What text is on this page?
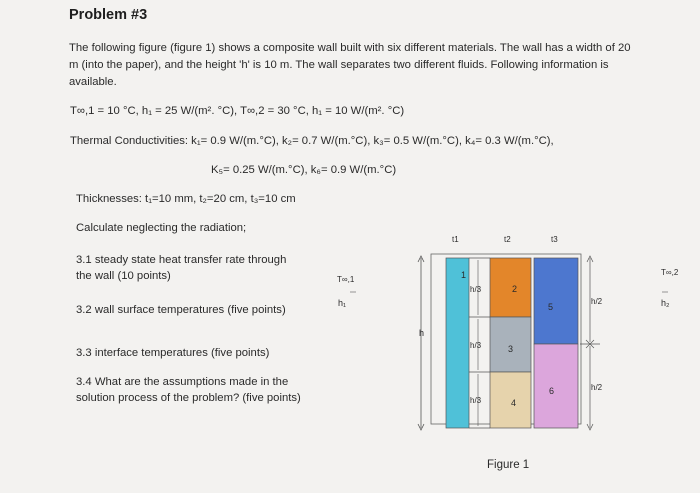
Problem #3
The following figure (figure 1) shows a composite wall built with six different materials. The wall has a width of 20 m (into the paper), and the height 'h' is 10 m. The wall separates two different fluids. Following information is available.
T∞,1 = 10 °C, h₁ = 25 W/(m². °C), T∞,2 = 30 °C, h₁ = 10 W/(m². °C)
Thermal Conductivities: k₁= 0.9 W/(m.°C), k₂= 0.7 W/(m.°C), k₃= 0.5 W/(m.°C), k₄= 0.3 W/(m.°C),
K₅= 0.25 W/(m.°C), k₆= 0.9 W/(m.°C)
Thicknesses: t₁=10 mm, t₂=20 cm, t₃=10 cm
Calculate neglecting the radiation;
3.1 steady state heat transfer rate through the wall (10 points)
3.2 wall surface temperatures (five points)
3.3 interface temperatures (five points)
3.4 What are the assumptions made in the solution process of the problem? (five points)
t1	t2	t3
h
h/3
h/3
h/3
h/2
h/2
1
2
3
4
5
6
T∞,1
h₁
T∞,2
h₂
Figure 1
